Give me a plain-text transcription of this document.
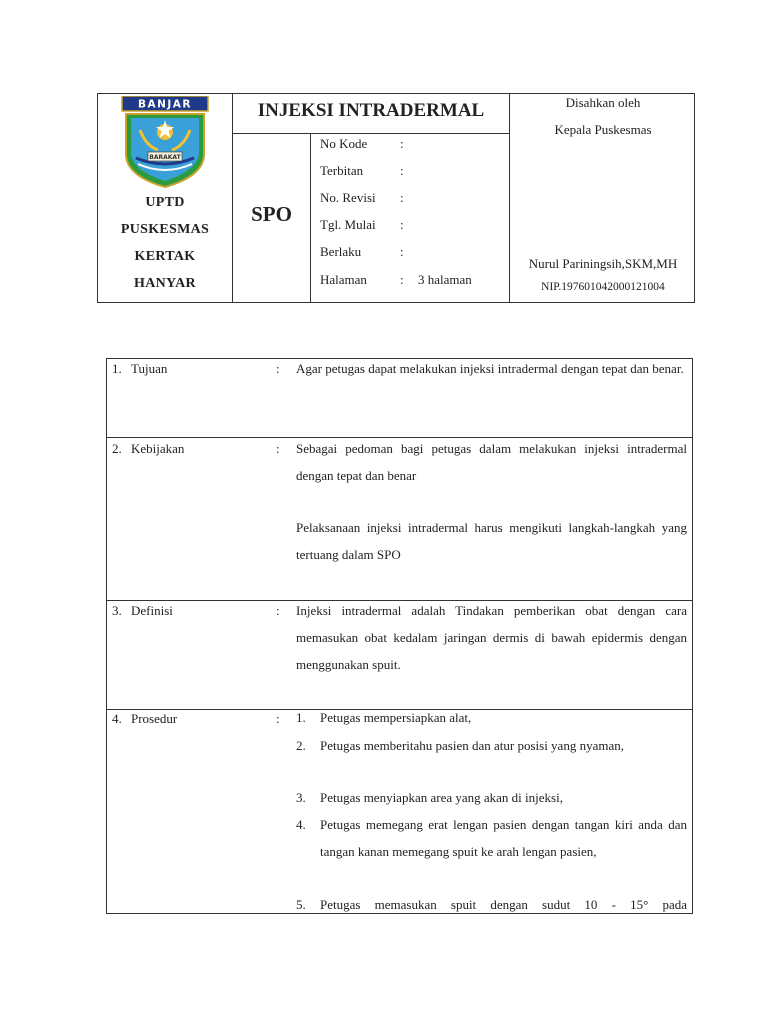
BANJAR
BARAKAT
UPTD
PUSKESMAS
KERTAK
HANYAR
INJEKSI INTRADERMAL
SPO
No Kode	:
Terbitan	:
No. Revisi :
Tgl. Mulai :
Berlaku	:
Halaman	: 3 halaman
Disahkan oleh
Kepala Puskesmas
Nurul Pariningsih,SKM,MH
NIP.197601042000121004
1. Tujuan	: Agar petugas dapat melakukan injeksi intradermal dengan tepat dan benar.
2. Kebijakan	: Sebagai pedoman bagi petugas dalam melakukan injeksi intradermal dengan tepat dan benar
Pelaksanaan injeksi intradermal harus mengikuti langkah-langkah yang tertuang dalam SPO
3. Definisi	: Injeksi intradermal adalah Tindakan pemberikan obat dengan cara memasukan obat kedalam jaringan dermis di bawah epidermis dengan menggunakan spuit.
4. Prosedur	: 1. Petugas mempersiapkan alat,
2. Petugas memberitahu pasien dan atur posisi yang nyaman,
3. Petugas menyiapkan area yang akan di injeksi,
4. Petugas memegang erat lengan pasien dengan tangan kiri anda dan tangan kanan memegang spuit ke arah lengan pasien,
5. Petugas memasukan spuit dengan sudut 10 - 15° pada
